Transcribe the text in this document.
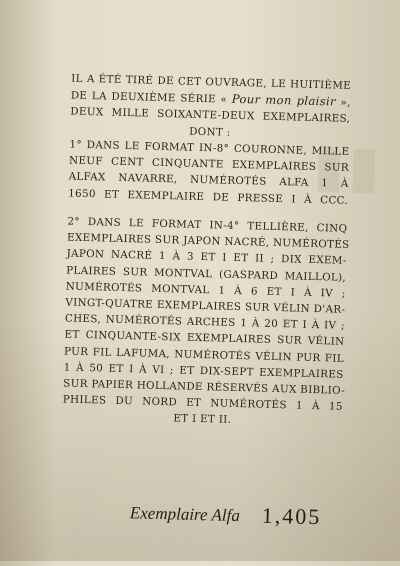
▮▮

IL A ÉTÉ TIRÉ DE CET OUVRAGE, LE HUITIÈME
DE LA DEUXIÈME SÉRIE « Pour mon plaisir »,
DEUX MILLE SOIXANTE-DEUX EXEMPLAIRES,
DONT :

1° DANS LE FORMAT IN-8° COURONNE, MILLE
NEUF CENT CINQUANTE EXEMPLAIRES SUR
ALFAX NAVARRE, NUMÉROTÉS ALFA 1 À
1650 ET EXEMPLAIRE DE PRESSE I À CCC.

2° DANS LE FORMAT IN-4° TELLIÈRE, CINQ
EXEMPLAIRES SUR JAPON NACRÉ, NUMÉROTÉS
JAPON NACRÉ 1 À 3 ET I ET II ; DIX EXEM-
PLAIRES SUR MONTVAL (GASPARD MAILLOL),
NUMÉROTÉS MONTVAL 1 À 6 ET I À IV ;
VINGT-QUATRE EXEMPLAIRES SUR VÉLIN D'AR-
CHES, NUMÉROTÉS ARCHES 1 À 20 ET I À IV ;
ET CINQUANTE-SIX EXEMPLAIRES SUR VÉLIN
PUR FIL LAFUMA, NUMÉROTÉS VÉLIN PUR FIL
1 À 50 ET I À VI ; ET DIX-SEPT EXEMPLAIRES
SUR PAPIER HOLLANDE RÉSERVÉS AUX BIBLIO-
PHILES DU NORD ET NUMÉROTÉS 1 À 15
ET I ET II.

Exemplaire Alfa 1,405
